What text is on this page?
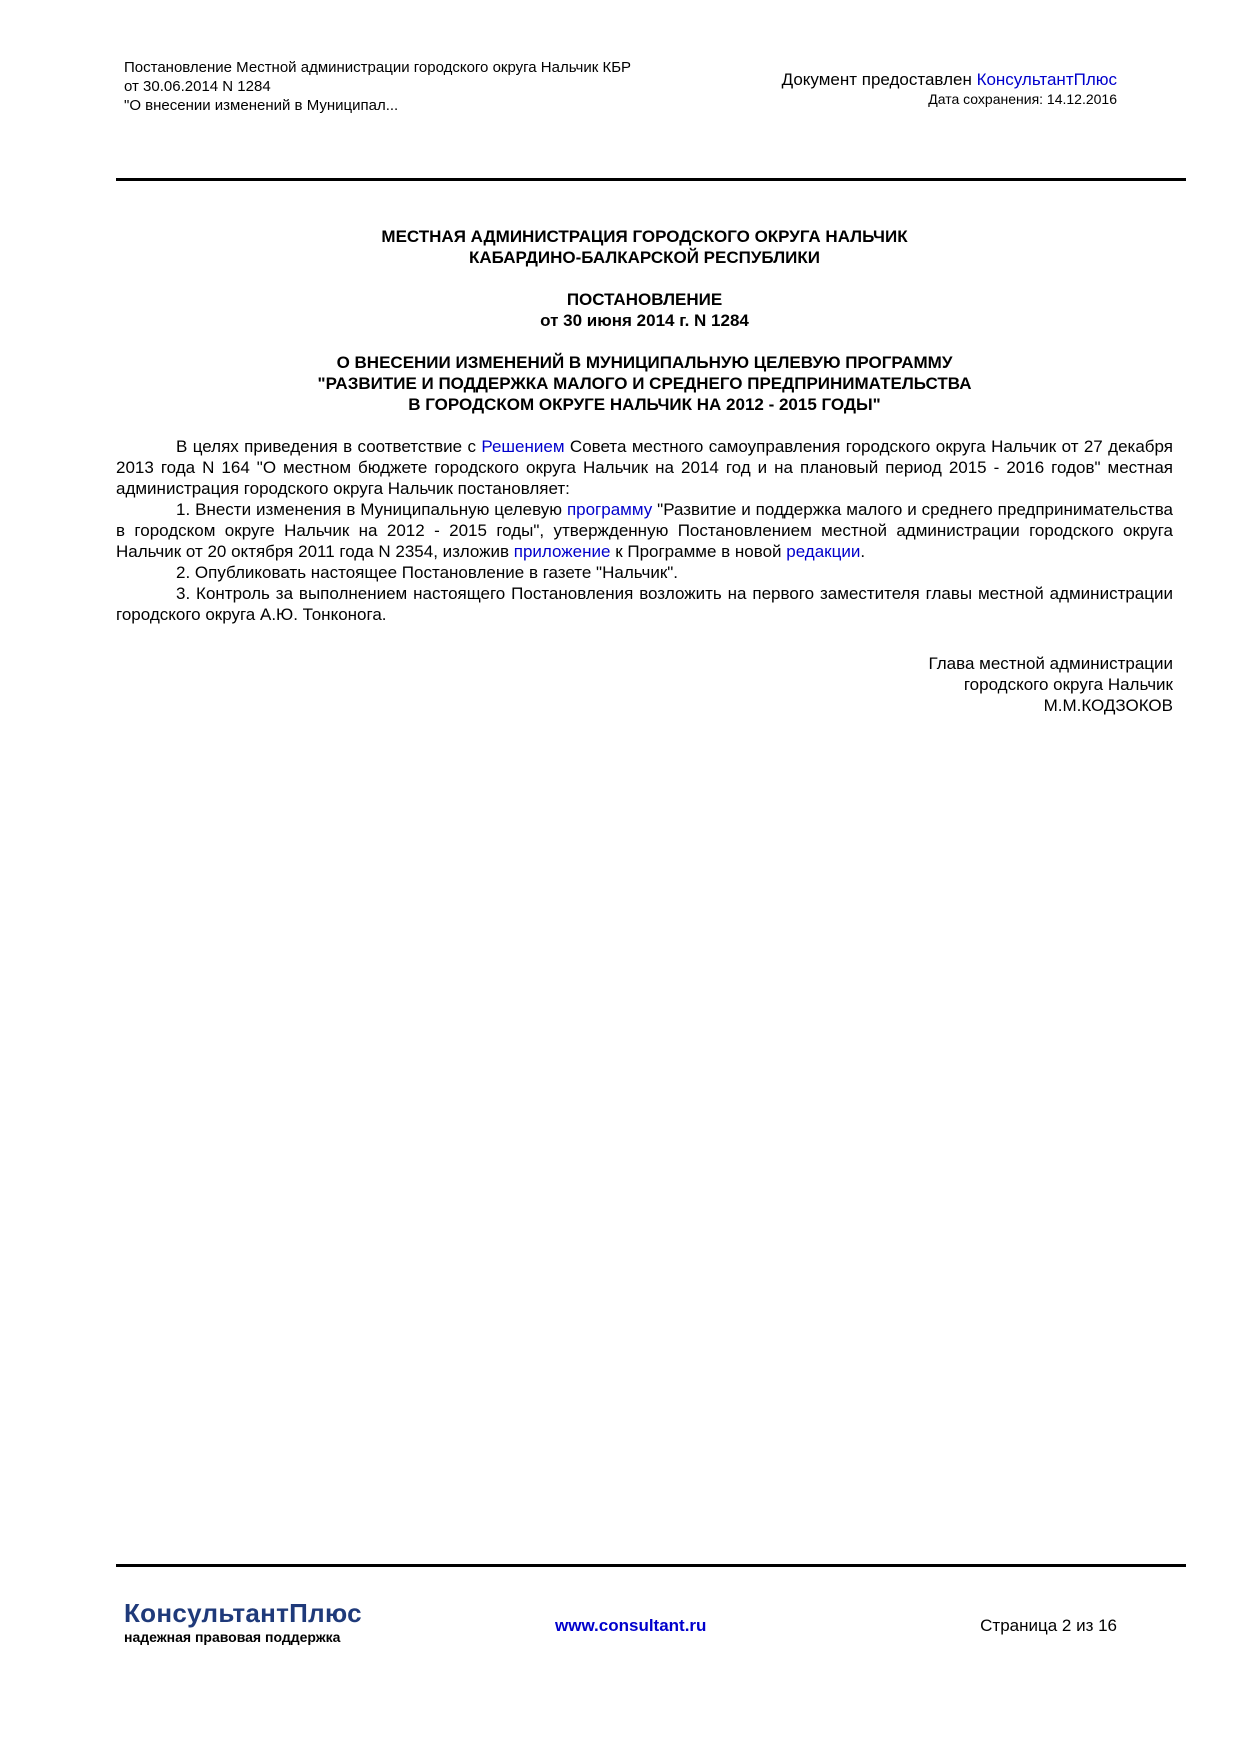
Постановление Местной администрации городского округа Нальчик КБР
от 30.06.2014 N 1284
"О внесении изменений в Муниципал...
Документ предоставлен КонсультантПлюс
Дата сохранения: 14.12.2016
МЕСТНАЯ АДМИНИСТРАЦИЯ ГОРОДСКОГО ОКРУГА НАЛЬЧИК
КАБАРДИНО-БАЛКАРСКОЙ РЕСПУБЛИКИ
ПОСТАНОВЛЕНИЕ
от 30 июня 2014 г. N 1284
О ВНЕСЕНИИ ИЗМЕНЕНИЙ В МУНИЦИПАЛЬНУЮ ЦЕЛЕВУЮ ПРОГРАММУ
"РАЗВИТИЕ И ПОДДЕРЖКА МАЛОГО И СРЕДНЕГО ПРЕДПРИНИМАТЕЛЬСТВА
В ГОРОДСКОМ ОКРУГЕ НАЛЬЧИК НА 2012 - 2015 ГОДЫ"

В целях приведения в соответствие с Решением Совета местного самоуправления городского округа Нальчик от 27 декабря 2013 года N 164 "О местном бюджете городского округа Нальчик на 2014 год и на плановый период 2015 - 2016 годов" местная администрация городского округа Нальчик постановляет:

1. Внести изменения в Муниципальную целевую программу "Развитие и поддержка малого и среднего предпринимательства в городском округе Нальчик на 2012 - 2015 годы", утвержденную Постановлением местной администрации городского округа Нальчик от 20 октября 2011 года N 2354, изложив приложение к Программе в новой редакции.

2. Опубликовать настоящее Постановление в газете "Нальчик".

3. Контроль за выполнением настоящего Постановления возложить на первого заместителя главы местной администрации городского округа А.Ю. Тонконога.

Глава местной администрации
городского округа Нальчик
М.М.КОДЗОКОВ
КонсультантПлюс
надежная правовая поддержка
www.consultant.ru	Страница 2 из 16
